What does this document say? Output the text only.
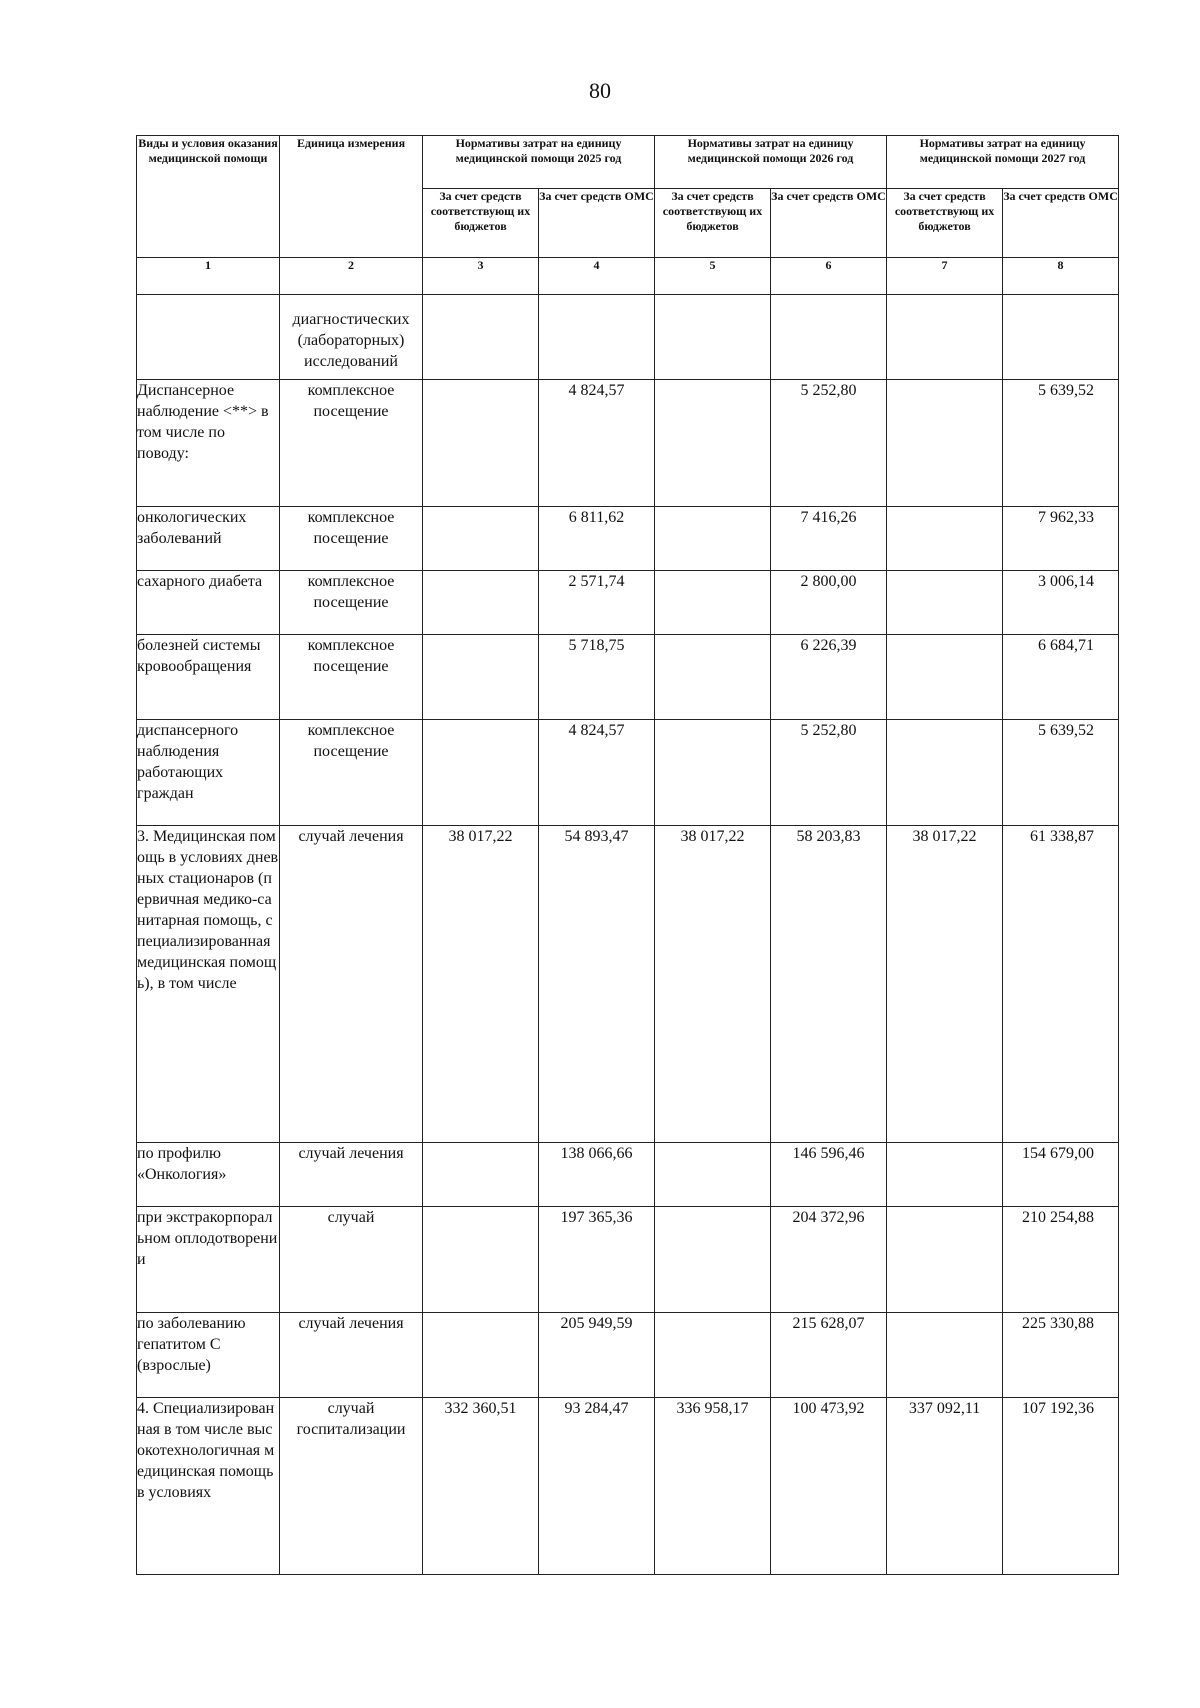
80
Виды и условия оказания медицинской помощи	Единица измерения	Нормативы затрат на единицу медицинской помощи 2025 год		Нормативы затрат на единицу медицинской помощи 2026 год		Нормативы затрат на единицу медицинской помощи 2027 год	
		За счет средств соответствующ их бюджетов	За счет средств ОМС	За счет средств соответствующ их бюджетов	За счет средств ОМС	За счет средств соответствующ их бюджетов	За счет средств ОМС
1	2	3	4	5	6	7	8
	диагностических (лабораторных) исследований						
Диспансерное наблюдение <**> в том числе по поводу:	комплексное посещение		4 824,57		5 252,80		5 639,52
онкологических заболеваний	комплексное посещение		6 811,62		7 416,26		7 962,33
сахарного диабета	комплексное посещение		2 571,74		2 800,00		3 006,14
болезней системы кровообращения	комплексное посещение		5 718,75		6 226,39		6 684,71
диспансерного наблюдения работающих граждан	комплексное посещение		4 824,57		5 252,80		5 639,52
3. Медицинская помощь в условиях дневных стационаров (первичная медико-санитарная помощь, специализированная медицинская помощь), в том числе	случай лечения	38 017,22	54 893,47	38 017,22	58 203,83	38 017,22	61 338,87
по профилю «Онкология»	случай лечения		138 066,66		146 596,46		154 679,00
при экстракорпоральном оплодотворении	случай		197 365,36		204 372,96		210 254,88
по заболеванию гепатитом С (взрослые)	случай лечения		205 949,59		215 628,07		225 330,88
4. Специализированная в том числе высокотехнологичная медицинская помощь в условиях	случай госпитализации	332 360,51	93 284,47	336 958,17	100 473,92	337 092,11	107 192,36
